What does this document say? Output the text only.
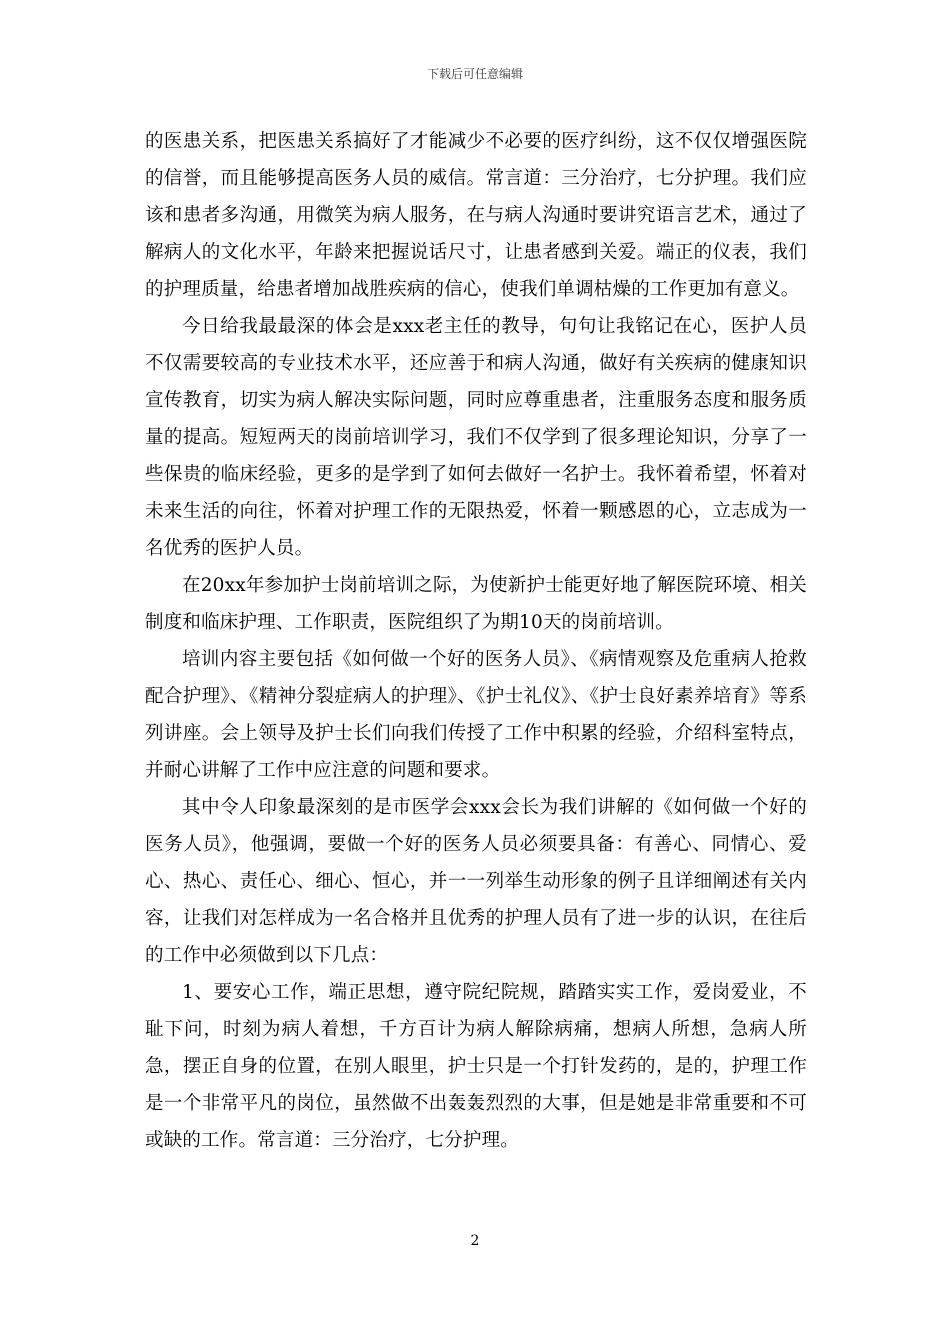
下载后可任意编辑

的医患关系，把医患关系搞好了才能减少不必要的医疗纠纷，这不仅仅增强医院的信誉，而且能够提高医务人员的威信。常言道：三分治疗，七分护理。我们应该和患者多沟通，用微笑为病人服务，在与病人沟通时要讲究语言艺术，通过了解病人的文化水平，年龄来把握说话尺寸，让患者感到关爱。端正的仪表，我们的护理质量，给患者增加战胜疾病的信心，使我们单调枯燥的工作更加有意义。

今日给我最最深的体会是xxx老主任的教导，句句让我铭记在心，医护人员不仅需要较高的专业技术水平，还应善于和病人沟通，做好有关疾病的健康知识宣传教育，切实为病人解决实际问题，同时应尊重患者，注重服务态度和服务质量的提高。短短两天的岗前培训学习，我们不仅学到了很多理论知识，分享了一些保贵的临床经验，更多的是学到了如何去做好一名护士。我怀着希望，怀着对未来生活的向往，怀着对护理工作的无限热爱，怀着一颗感恩的心，立志成为一名优秀的医护人员。

在20xx年参加护士岗前培训之际，为使新护士能更好地了解医院环境、相关制度和临床护理、工作职责，医院组织了为期10天的岗前培训。

培训内容主要包括《如何做一个好的医务人员》、《病情观察及危重病人抢救配合护理》、《精神分裂症病人的护理》、《护士礼仪》、《护士良好素养培育》等系列讲座。会上领导及护士长们向我们传授了工作中积累的经验，介绍科室特点，并耐心讲解了工作中应注意的问题和要求。

其中令人印象最深刻的是市医学会xxx会长为我们讲解的《如何做一个好的医务人员》，他强调，要做一个好的医务人员必须要具备：有善心、同情心、爱心、热心、责任心、细心、恒心，并一一列举生动形象的例子且详细阐述有关内容，让我们对怎样成为一名合格并且优秀的护理人员有了进一步的认识，在往后的工作中必须做到以下几点：

1、要安心工作，端正思想，遵守院纪院规，踏踏实实工作，爱岗爱业，不耻下问，时刻为病人着想，千方百计为病人解除病痛，想病人所想，急病人所急，摆正自身的位置，在别人眼里，护士只是一个打针发药的，是的，护理工作是一个非常平凡的岗位，虽然做不出轰轰烈烈的大事，但是她是非常重要和不可或缺的工作。常言道：三分治疗，七分护理。

2
